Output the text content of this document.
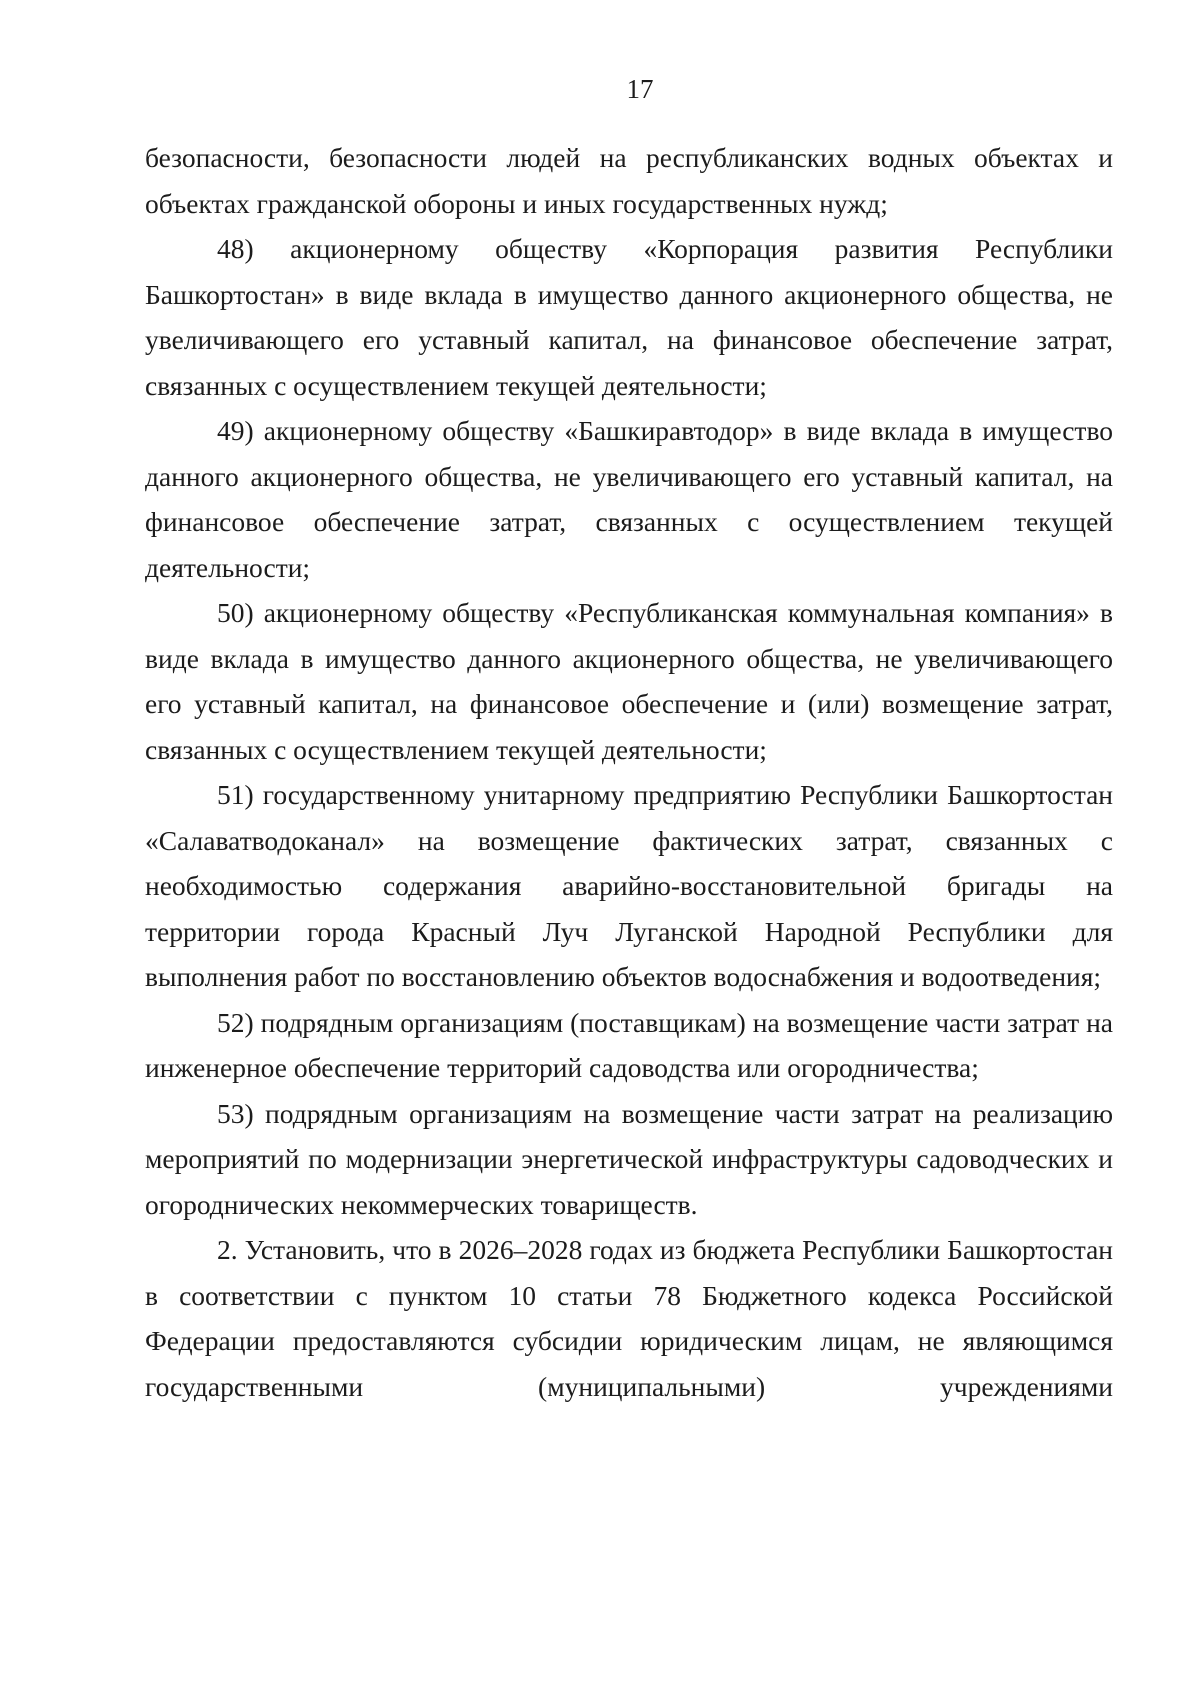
17

безопасности, безопасности людей на республиканских водных объектах и объектах гражданской обороны и иных государственных нужд;

48) акционерному обществу «Корпорация развития Республики Башкортостан» в виде вклада в имущество данного акционерного общества, не увеличивающего его уставный капитал, на финансовое обеспечение затрат, связанных с осуществлением текущей деятельности;

49) акционерному обществу «Башкиравтодор» в виде вклада в имущество данного акционерного общества, не увеличивающего его уставный капитал, на финансовое обеспечение затрат, связанных с осуществлением текущей деятельности;

50) акционерному обществу «Республиканская коммунальная компания» в виде вклада в имущество данного акционерного общества, не увеличивающего его уставный капитал, на финансовое обеспечение и (или) возмещение затрат, связанных с осуществлением текущей деятельности;

51) государственному унитарному предприятию Республики Башкортостан «Салаватводоканал» на возмещение фактических затрат, связанных с необходимостью содержания аварийно-восстановительной бригады на территории города Красный Луч Луганской Народной Республики для выполнения работ по восстановлению объектов водоснабжения и водоотведения;

52) подрядным организациям (поставщикам) на возмещение части затрат на инженерное обеспечение территорий садоводства или огородничества;

53) подрядным организациям на возмещение части затрат на реализацию мероприятий по модернизации энергетической инфраструктуры садоводческих и огороднических некоммерческих товариществ.

2. Установить, что в 2026–2028 годах из бюджета Республики Башкортостан в соответствии с пунктом 10 статьи 78 Бюджетного кодекса Российской Федерации предоставляются субсидии юридическим лицам, не являющимся государственными (муниципальными) учреждениями
